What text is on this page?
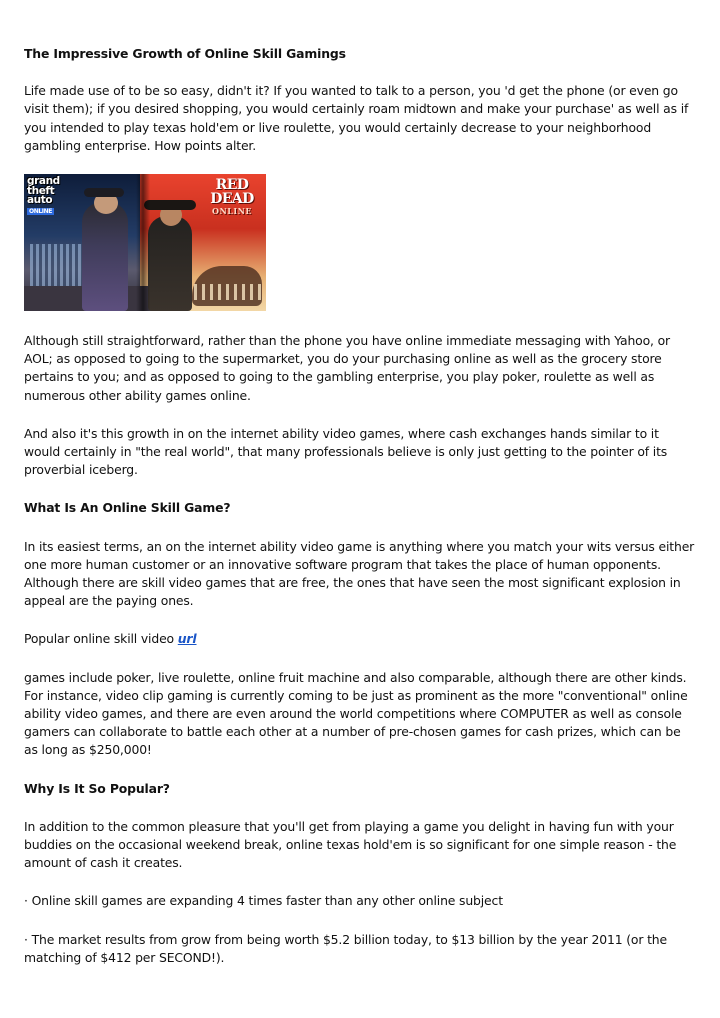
The Impressive Growth of Online Skill Gamings

Life made use of to be so easy, didn't it? If you wanted to talk to a person, you 'd get the phone (or even go visit them); if you desired shopping, you would certainly roam midtown and make your purchase' as well as if you intended to play texas hold'em or live roulette, you would certainly decrease to your neighborhood gambling enterprise. How points alter.

grand
theft
auto
ONLINE
RED DEAD
ONLINE

Although still straightforward, rather than the phone you have online immediate messaging with Yahoo, or AOL; as opposed to going to the supermarket, you do your purchasing online as well as the grocery store pertains to you; and as opposed to going to the gambling enterprise, you play poker, roulette as well as numerous other ability games online.

And also it's this growth in on the internet ability video games, where cash exchanges hands similar to it would certainly in "the real world", that many professionals believe is only just getting to the pointer of its proverbial iceberg.

What Is An Online Skill Game?

In its easiest terms, an on the internet ability video game is anything where you match your wits versus either one more human customer or an innovative software program that takes the place of human opponents. Although there are skill video games that are free, the ones that have seen the most significant explosion in appeal are the paying ones.

Popular online skill video url

games include poker, live roulette, online fruit machine and also comparable, although there are other kinds. For instance, video clip gaming is currently coming to be just as prominent as the more "conventional" online ability video games, and there are even around the world competitions where COMPUTER as well as console gamers can collaborate to battle each other at a number of pre-chosen games for cash prizes, which can be as long as $250,000!

Why Is It So Popular?

In addition to the common pleasure that you'll get from playing a game you delight in having fun with your buddies on the occasional weekend break, online texas hold'em is so significant for one simple reason - the amount of cash it creates.

· Online skill games are expanding 4 times faster than any other online subject

· The market results from grow from being worth $5.2 billion today, to $13 billion by the year 2011 (or the matching of $412 per SECOND!).
